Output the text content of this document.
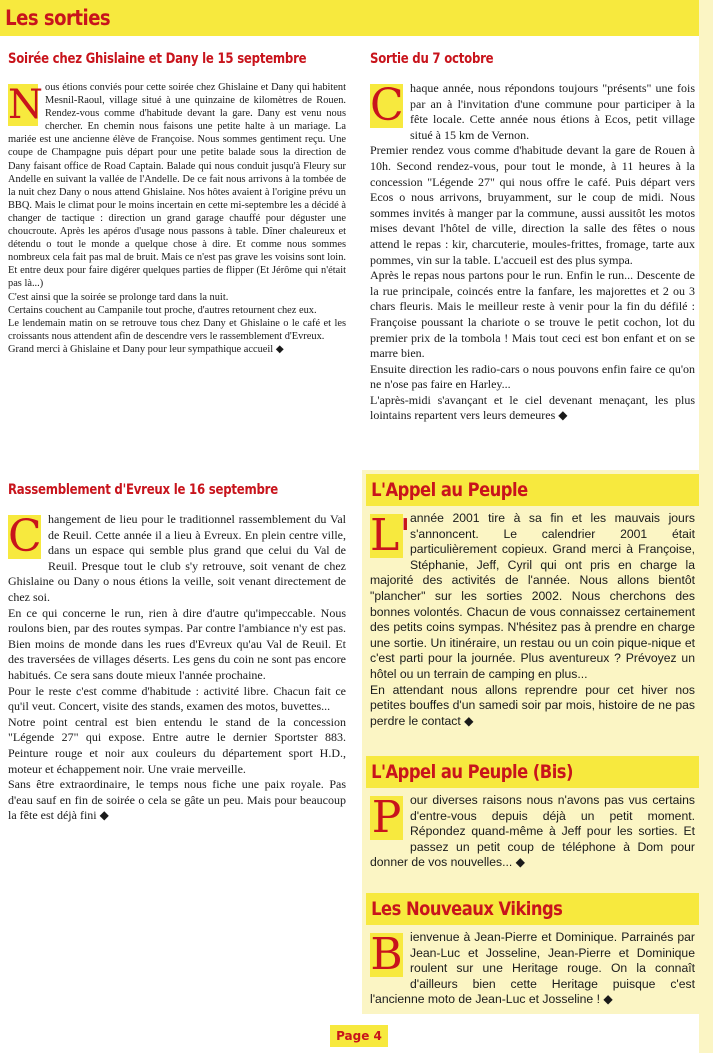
Les sorties
Soirée chez Ghislaine et Dany le 15 septembre
N ous étions conviés pour cette soirée chez Ghislaine et Dany qui habitent Mesnil-Raoul, village situé à une quinzaine de kilomètres de Rouen. Rendez-vous comme d'habitude devant la gare. Dany est venu nous chercher. En chemin nous faisons une petite halte à un mariage. La mariée est une ancienne élève de Françoise. Nous sommes gentiment reçu. Une coupe de Champagne puis départ pour une petite balade sous la direction de Dany faisant office de Road Captain. Balade qui nous conduit jusqu'à Fleury sur Andelle en suivant la vallée de l'Andelle. De ce fait nous arrivons à la tombée de la nuit chez Dany o nous attend Ghislaine. Nos hôtes avaient à l'origine prévu un BBQ. Mais le climat pour le moins incertain en cette mi-septembre les a décidé à changer de tactique : direction un grand garage chauffé pour déguster une choucroute. Après les apéros d'usage nous passons à table. Dîner chaleureux et détendu o tout le monde a quelque chose à dire. Et comme nous sommes nombreux cela fait pas mal de bruit. Mais ce n'est pas grave les voisins sont loin. Et entre deux pour faire digérer quelques parties de flipper (Et Jérôme qui n'était pas là...)

C'est ainsi que la soirée se prolonge tard dans la nuit.

Certains couchent au Campanile tout proche, d'autres retournent chez eux.

Le lendemain matin on se retrouve tous chez Dany et Ghislaine o le café et les croissants nous attendent afin de descendre vers le rassemblement d'Evreux.

Grand merci à Ghislaine et Dany pour leur sympathique accueil ◆

Rassemblement d'Evreux le 16 septembre
C hangement de lieu pour le traditionnel rassemblement du Val de Reuil. Cette année il a lieu à Evreux. En plein centre ville, dans un espace qui semble plus grand que celui du Val de Reuil. Presque tout le club s'y retrouve, soit venant de chez Ghislaine ou Dany o nous étions la veille, soit venant directement de chez soi.

En ce qui concerne le run, rien à dire d'autre qu'impeccable. Nous roulons bien, par des routes sympas. Par contre l'ambiance n'y est pas. Bien moins de monde dans les rues d'Evreux qu'au Val de Reuil. Et des traversées de villages déserts. Les gens du coin ne sont pas encore habitués. Ce sera sans doute mieux l'année prochaine.

Pour le reste c'est comme d'habitude : activité libre. Chacun fait ce qu'il veut. Concert, visite des stands, examen des motos, buvettes...

Notre point central est bien entendu le stand de la concession "Légende 27" qui expose. Entre autre le dernier Sportster 883. Peinture rouge et noir aux couleurs du département sport H.D., moteur et échappement noir. Une vraie merveille.

Sans être extraordinaire, le temps nous fiche une paix royale. Pas d'eau sauf en fin de soirée o cela se gâte un peu. Mais pour beaucoup la fête est déjà fini ◆

Sortie du 7 octobre
C haque année, nous répondons toujours "présents" une fois par an à l'invitation d'une commune pour participer à la fête locale. Cette année nous étions à Ecos, petit village situé à 15 km de Vernon.

Premier rendez vous comme d'habitude devant la gare de Rouen à 10h. Second rendez-vous, pour tout le monde, à 11 heures à la concession "Légende 27" qui nous offre le café. Puis départ vers Ecos o nous arrivons, bruyamment, sur le coup de midi. Nous sommes invités à manger par la commune, aussi aussitôt les motos mises devant l'hôtel de ville, direction la salle des fêtes o nous attend le repas : kir, charcuterie, moules-frittes, fromage, tarte aux pommes, vin sur la table. L'accueil est des plus sympa.

Après le repas nous partons pour le run. Enfin le run... Descente de la rue principale, coincés entre la fanfare, les majorettes et 2 ou 3 chars fleuris. Mais le meilleur reste à venir pour la fin du défilé : Françoise poussant la chariote o se trouve le petit cochon, lot du premier prix de la tombola ! Mais tout ceci est bon enfant et on se marre bien.

Ensuite direction les radio-cars o nous pouvons enfin faire ce qu'on ne n'ose pas faire en Harley...

L'après-midi s'avançant et le ciel devenant menaçant, les plus lointains repartent vers leurs demeures ◆

L'Appel au Peuple
L'

année 2001 tire à sa fin et les mauvais jours s'annoncent. Le calendrier 2001 était particulièrement copieux. Grand merci à Françoise, Stéphanie, Jeff, Cyril qui ont pris en charge la majorité des activités de l'année. Nous allons bientôt "plancher" sur les sorties 2002. Nous cherchons des bonnes volontés. Chacun de vous connaissez certainement des petits coins sympas. N'hésitez pas à prendre en charge une sortie. Un itinéraire, un restau ou un coin pique-nique et c'est parti pour la journée. Plus aventureux ? Prévoyez un hôtel ou un terrain de camping en plus...

En attendant nous allons reprendre pour cet hiver nos petites bouffes d'un samedi soir par mois, histoire de ne pas perdre le contact ◆

L'Appel au Peuple (Bis)
P our diverses raisons nous n'avons pas vus certains d'entre-vous depuis déjà un petit moment. Répondez quand-même à Jeff pour les sorties. Et passez un petit coup de téléphone à Dom pour donner de vos nouvelles... ◆

Les Nouveaux Vikings
B ienvenue à Jean-Pierre et Dominique. Parrainés par Jean-Luc et Josseline, Jean-Pierre et Dominique roulent sur une Heritage rouge. On la connaît d'ailleurs bien cette Heritage puisque c'est l'ancienne moto de Jean-Luc et Josseline ! ◆

Page 4
